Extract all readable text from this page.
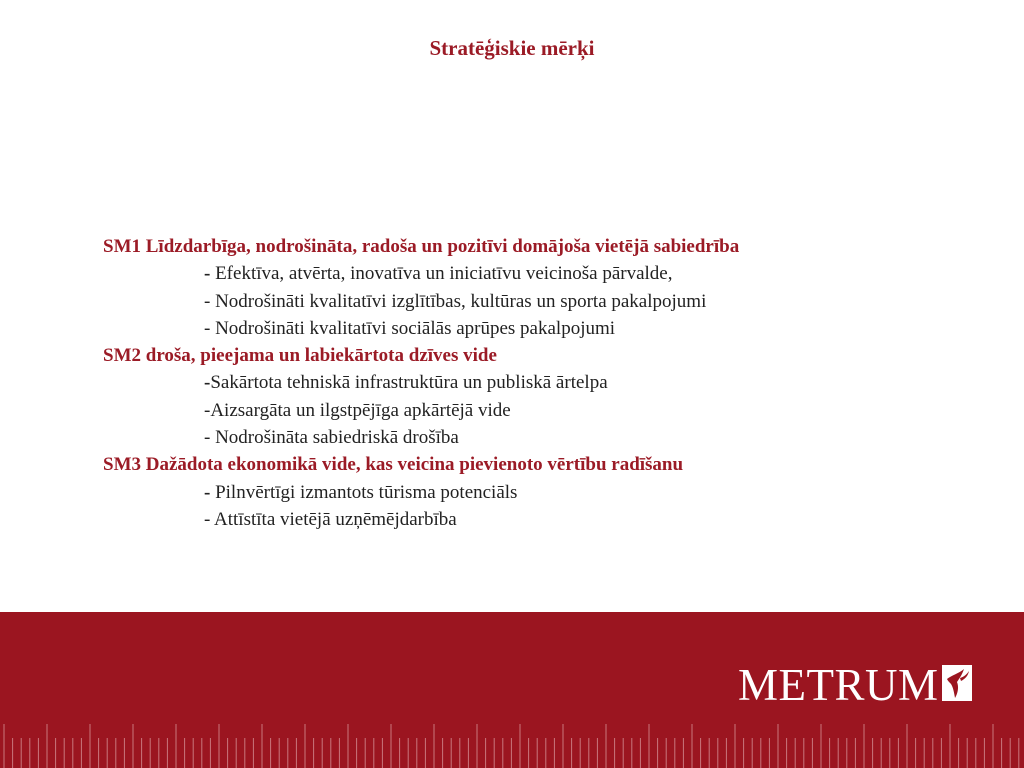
Stratēģiskie mērķi
SM1 Līdzdarbīga, nodrošināta, radoša un pozitīvi domājoša vietējā sabiedrība
- Efektīva, atvērta, inovatīva un iniciatīvu veicinoša pārvalde,
- Nodrošināti kvalitatīvi izglītības, kultūras un sporta pakalpojumi
- Nodrošināti kvalitatīvi sociālās aprūpes pakalpojumi
SM2 droša, pieejama un labiekārtota dzīves vide
-Sakārtota tehniskā infrastruktūra un publiskā ārtelpa
-Aizsargāta un ilgstpējīga apkārtējā vide
- Nodrošināta sabiedriskā drošība
SM3 Dažādota ekonomikā vide, kas veicina pievienoto vērtību radīšanu
- Pilnvērtīgi izmantots tūrisma potenciāls
- Attīstīta vietējā uzņēmējdarbība
METRUM
